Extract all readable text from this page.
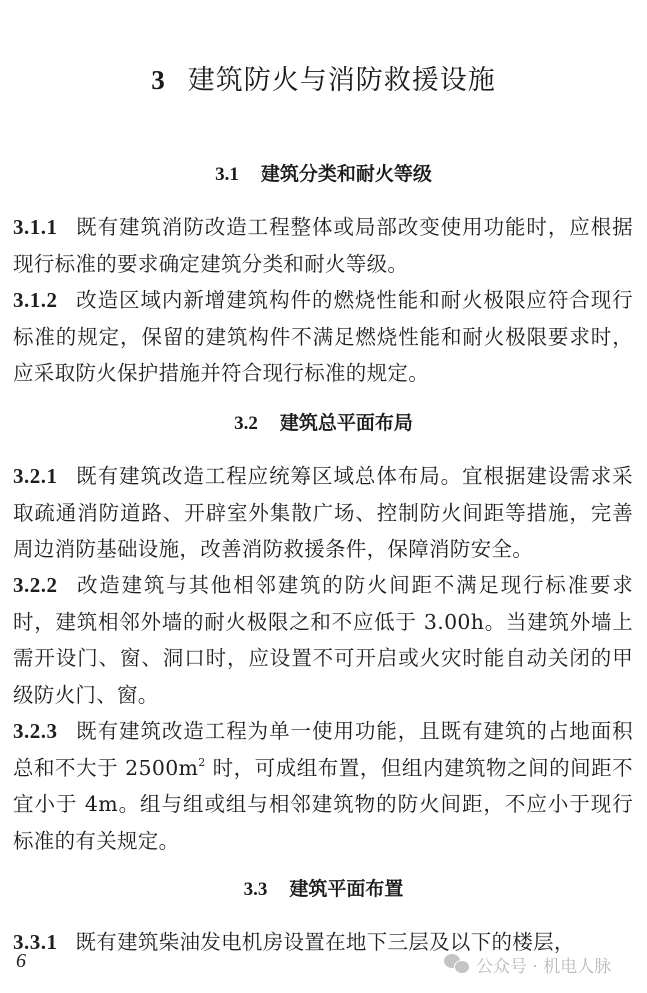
3 建筑防火与消防救援设施
3.1 建筑分类和耐火等级
3.1.1 既有建筑消防改造工程整体或局部改变使用功能时，应根据现行标准的要求确定建筑分类和耐火等级。
3.1.2 改造区域内新增建筑构件的燃烧性能和耐火极限应符合现行标准的规定，保留的建筑构件不满足燃烧性能和耐火极限要求时，应采取防火保护措施并符合现行标准的规定。
3.2 建筑总平面布局
3.2.1 既有建筑改造工程应统筹区域总体布局。宜根据建设需求采取疏通消防道路、开辟室外集散广场、控制防火间距等措施，完善周边消防基础设施，改善消防救援条件，保障消防安全。
3.2.2 改造建筑与其他相邻建筑的防火间距不满足现行标准要求时，建筑相邻外墙的耐火极限之和不应低于 3.00h。当建筑外墙上需开设门、窗、洞口时，应设置不可开启或火灾时能自动关闭的甲级防火门、窗。
3.2.3 既有建筑改造工程为单一使用功能，且既有建筑的占地面积总和不大于 $2500m^2$ 时，可成组布置，但组内建筑物之间的间距不宜小于 4m。组与组或组与相邻建筑物的防火间距，不应小于现行标准的有关规定。
3.3 建筑平面布置
3.3.1 既有建筑柴油发电机房设置在地下三层及以下的楼层，
6	公众号 · 机电人脉
